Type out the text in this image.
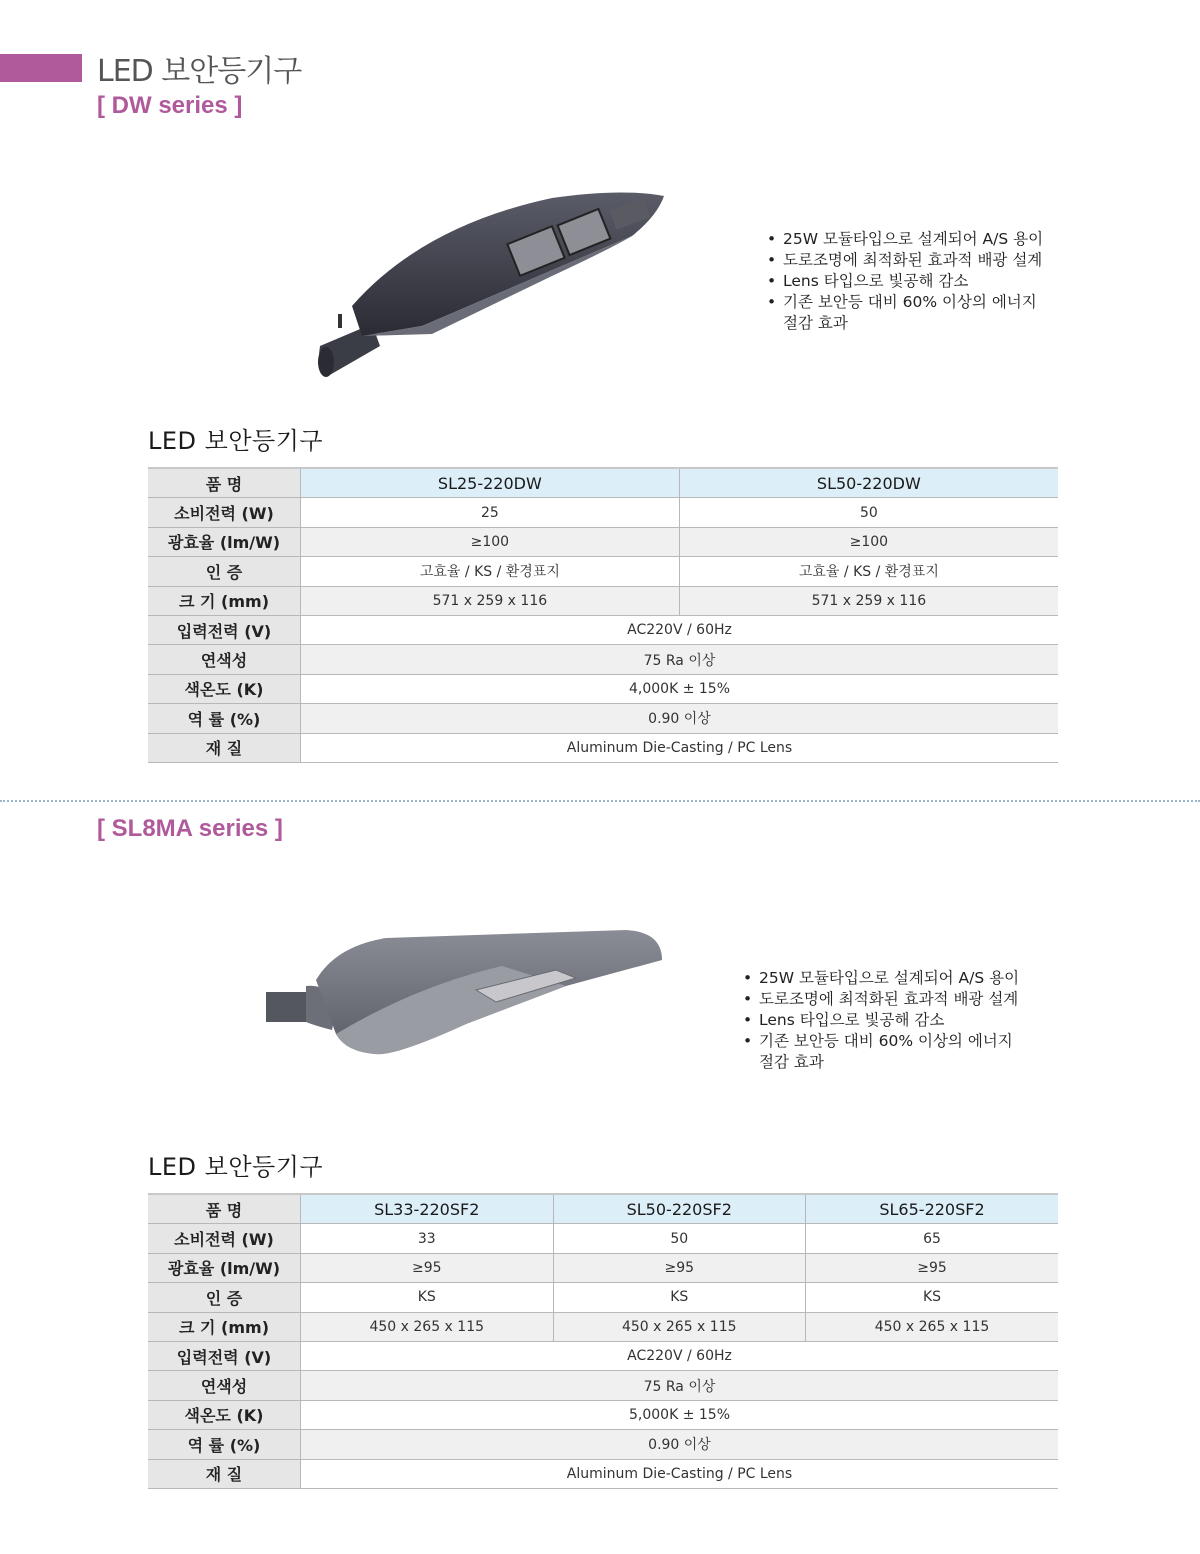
LED 보안등기구
[ DW series ]
• 25W 모듈타입으로 설계되어 A/S 용이
• 도로조명에 최적화된 효과적 배광 설계
• Lens 타입으로 빛공해 감소
• 기존 보안등 대비 60% 이상의 에너지
절감 효과
LED 보안등기구
품 명	SL25-220DW	SL50-220DW
소비전력 (W)	25	50
광효율 (lm/W)	≥100	≥100
인 증	고효율 / KS / 환경표지	고효율 / KS / 환경표지
크 기 (mm)	571 x 259 x 116	571 x 259 x 116
입력전력 (V)	AC220V / 60Hz	
연색성	75 Ra 이상	
색온도 (K)	4,000K ± 15%	
역 률 (%)	0.90 이상	
재 질	Aluminum Die-Casting / PC Lens	
[ SL8MA series ]
• 25W 모듈타입으로 설계되어 A/S 용이
• 도로조명에 최적화된 효과적 배광 설계
• Lens 타입으로 빛공해 감소
• 기존 보안등 대비 60% 이상의 에너지
절감 효과
LED 보안등기구
품 명	SL33-220SF2	SL50-220SF2	SL65-220SF2
소비전력 (W)	33	50	65
광효율 (lm/W)	≥95	≥95	≥95
인 증	KS	KS	KS
크 기 (mm)	450 x 265 x 115	450 x 265 x 115	450 x 265 x 115
입력전력 (V)	AC220V / 60Hz		
연색성	75 Ra 이상		
색온도 (K)	5,000K ± 15%		
역 률 (%)	0.90 이상		
재 질	Aluminum Die-Casting / PC Lens		
